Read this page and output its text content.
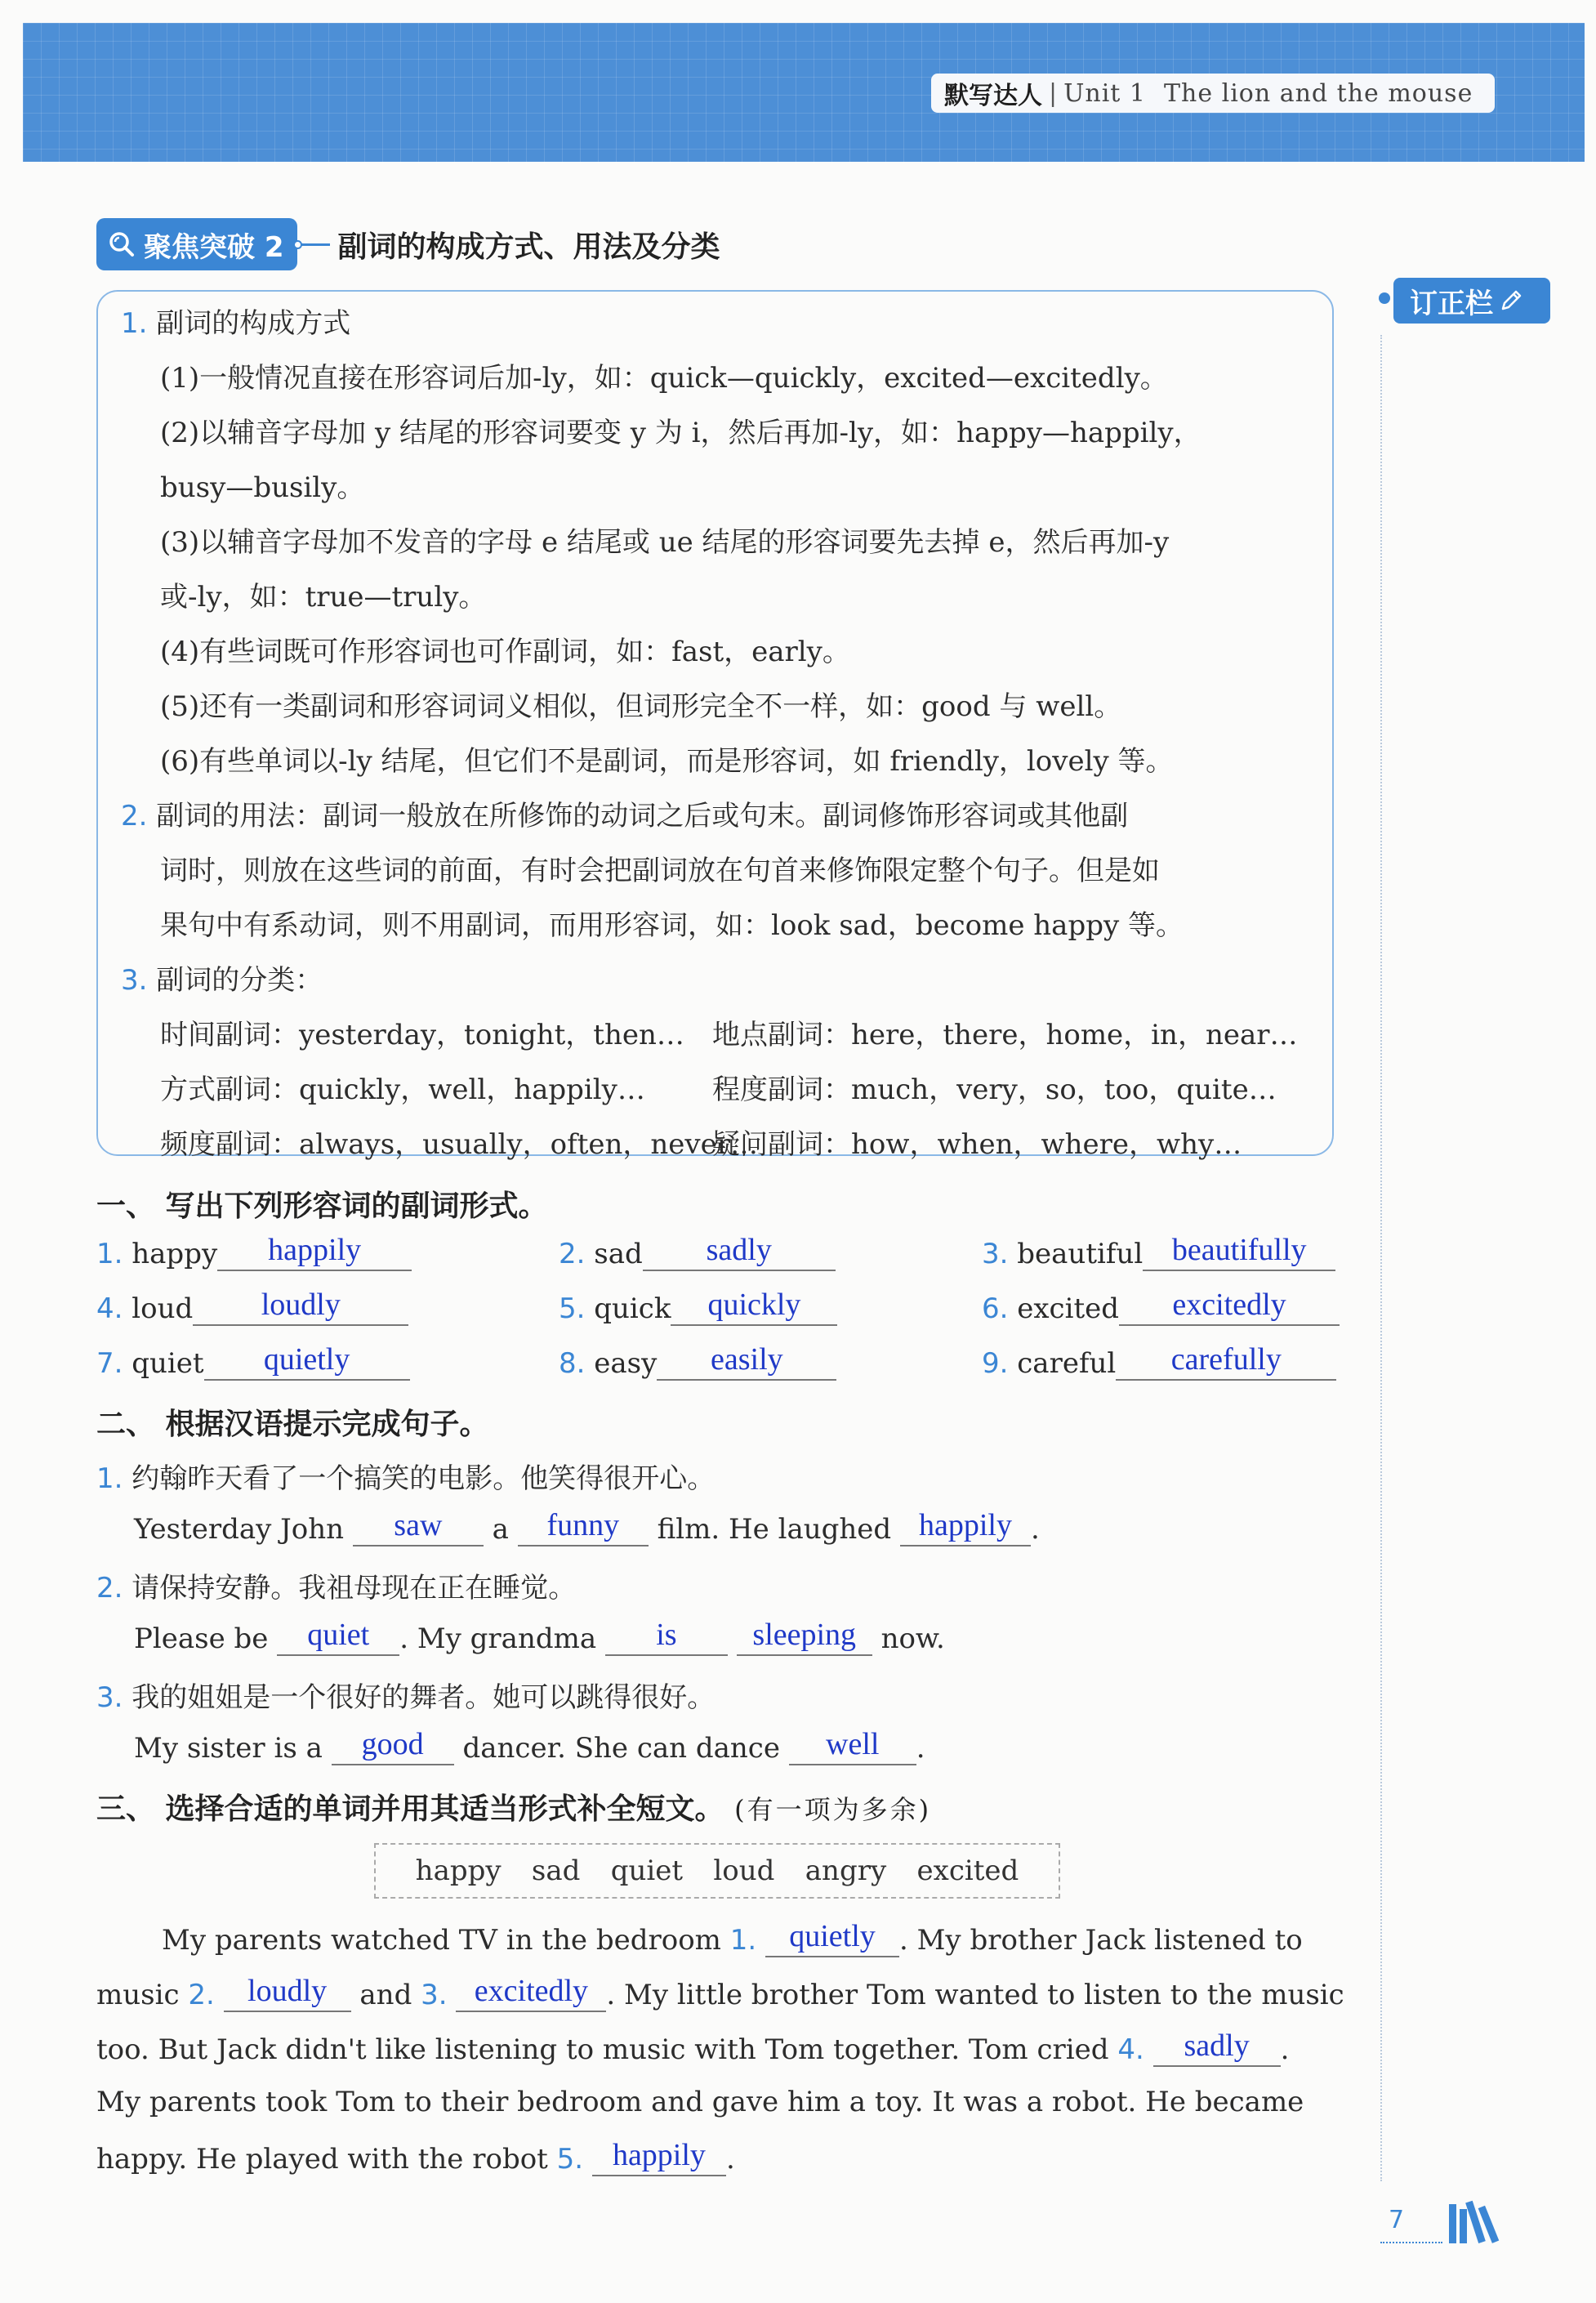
默写达人 | Unit 1 The lion and the mouse
聚焦突破 2 副词的构成方式、用法及分类
订正栏
1. 副词的构成方式
(1)一般情况直接在形容词后加-ly，如：quick—quickly，excited—excitedly。
(2)以辅音字母加 y 结尾的形容词要变 y 为 i，然后再加-ly，如：happy—happily，
busy—busily。
(3)以辅音字母加不发音的字母 e 结尾或 ue 结尾的形容词要先去掉 e，然后再加-y
或-ly，如：true—truly。
(4)有些词既可作形容词也可作副词，如：fast，early。
(5)还有一类副词和形容词词义相似，但词形完全不一样，如：good 与 well。
(6)有些单词以-ly 结尾，但它们不是副词，而是形容词，如 friendly，lovely 等。
2. 副词的用法：副词一般放在所修饰的动词之后或句末。副词修饰形容词或其他副
词时，则放在这些词的前面，有时会把副词放在句首来修饰限定整个句子。但是如
果句中有系动词，则不用副词，而用形容词，如：look sad，become happy 等。
3. 副词的分类：
时间副词：yesterday，tonight，then… 地点副词：here，there，home，in，near…
方式副词：quickly，well，happily… 程度副词：much，very，so，too，quite…
频度副词：always，usually，often，never…
疑问副词：how，when，where，why…
一、 写出下列形容词的副词形式。
1. happy happily	2. sad sadly	3. beautiful beautifully
4. loud loudly	5. quick quickly	6. excited excitedly
7. quiet quietly	8. easy easily	9. careful carefully
二、 根据汉语提示完成句子。
1. 约翰昨天看了一个搞笑的电影。他笑得很开心。
Yesterday John saw a funny film. He laughed happily .
2. 请保持安静。我祖母现在正在睡觉。
Please be quiet . My grandma is sleeping now.
3. 我的姐姐是一个很好的舞者。她可以跳得很好。
My sister is a good dancer. She can dance well .
三、 选择合适的单词并用其适当形式补全短文。 (有一项为多余)
happy sad quiet loud angry excited
My parents watched TV in the bedroom 1. quietly . My brother Jack listened to
music 2. loudly and 3. excitedly . My little brother Tom wanted to listen to the music
too. But Jack didn't like listening to music with Tom together. Tom cried 4. sadly .
My parents took Tom to their bedroom and gave him a toy. It was a robot. He became
happy. He played with the robot 5. happily .
7
